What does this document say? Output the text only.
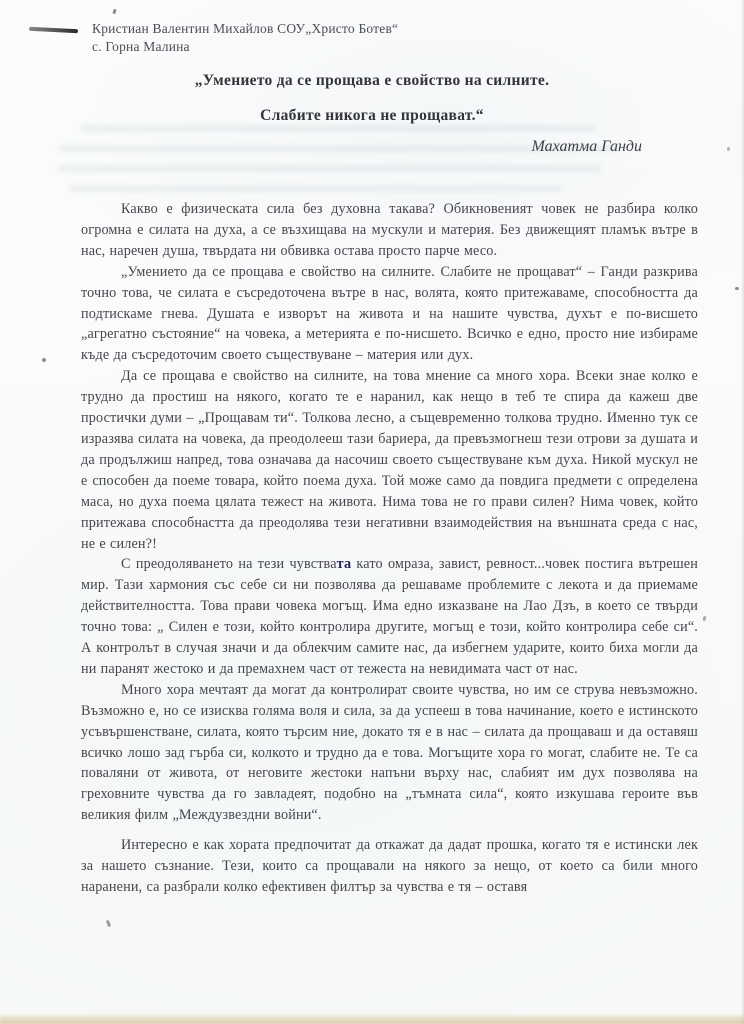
Кристиан Валентин Михайлов СОУ„Христо Ботев“
с. Горна Малина
„Умението да се прощава е свойство на силните.
Слабите никога не прощават.“
Махатма Ганди

Какво е физическата сила без духовна такава? Обикновеният човек не разбира колко огромна е силата на духа, а се възхищава на мускули и материя. Без движещият пламък вътре в нас, наречен душа, твърдата ни обвивка остава просто парче месо.

„Умението да се прощава е свойство на силните. Слабите не прощават“ – Ганди разкрива точно това, че силата е съсредоточена вътре в нас, волята, която притежаваме, способността да подтискаме гнева. Душата е изворът на живота и на нашите чувства, духът е по-висшето „агрегатно състояние“ на човека, а метерията е по-нисшето. Всичко е едно, просто ние избираме къде да съсредоточим своето съществуване – материя или дух.

Да се прощава е свойство на силните, на това мнение са много хора. Всеки знае колко е трудно да простиш на някого, когато те е наранил, как нещо в теб те спира да кажеш две простички думи – „Прощавам ти“. Толкова лесно, а същевременно толкова трудно. Именно тук се изразява силата на човека, да преодолееш тази бариера, да превъзмогнеш тези отрови за душата и да продължиш напред, това означава да насочиш своето съществуване към духа. Никой мускул не е способен да поеме товара, който поема духа. Той може само да повдига предмети с определена маса, но духа поема цялата тежест на живота. Нима това не го прави силен? Нима човек, който притежава способнастта да преодолява тези негативни взаимодействия на външната среда с нас, не е силен?!

С преодоляването на тези чувствата като омраза, завист, ревност...човек постига вътрешен мир. Тази хармония със себе си ни позволява да решаваме проблемите с лекота и да приемаме действителността. Това прави човека могъщ. Има едно изказване на Лао Дзъ, в което се твърди точно това: „ Силен е този, който контролира другите, могъщ е този, който контролира себе си“. А контролът в случая значи и да облекчим самите нас, да избегнем ударите, които биха могли да ни паранят жестоко и да премахнем част от тежеста на невидимата част от нас.

Много хора мечтаят да могат да контролират своите чувства, но им се струва невъзможно. Възможно е, но се изисква голяма воля и сила, за да успееш в това начинание, което е истинското усъвършенстване, силата, която търсим ние, докато тя е в нас – силата да прощаваш и да оставяш всичко лошо зад гърба си, колкото и трудно да е това. Могъщите хора го могат, слабите не. Те са поваляни от живота, от неговите жестоки напъни върху нас, слабият им дух позволява на греховните чувства да го завладеят, подобно на „тъмната сила“, която изкушава героите във великия филм „Междузвездни войни“.

Интересно е как хората предпочитат да откажат да дадат прошка, когато тя е истински лек за нашето съзнание. Тези, които са прощавали на някого за нещо, от което са били много наранени, са разбрали колко ефективен филтър за чувства е тя – оставя
